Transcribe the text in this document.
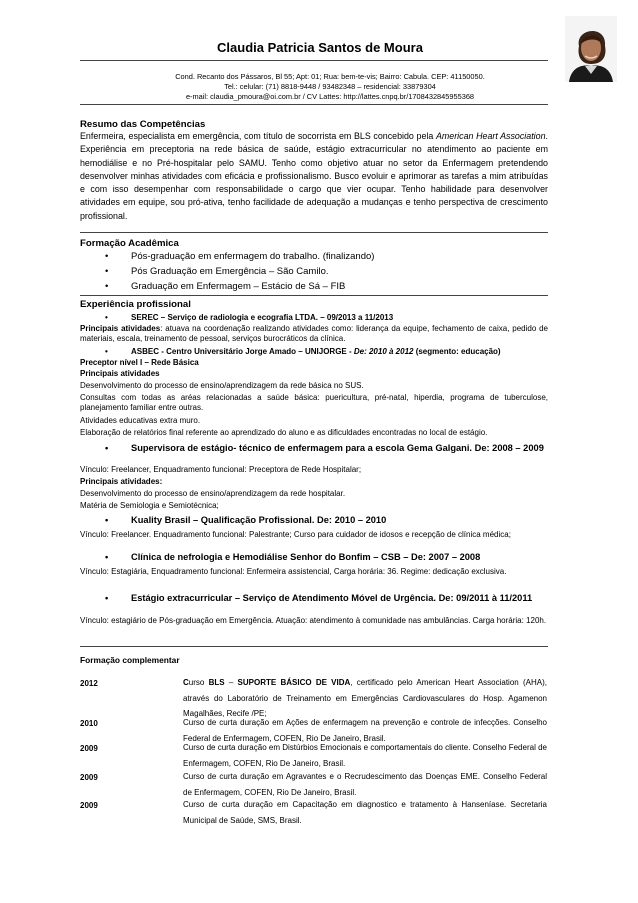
Claudia Patricia Santos de Moura
Cond. Recanto dos Pássaros, Bl 55; Apt: 01; Rua: bem-te-vis; Bairro: Cabula. CEP: 41150050.
Tel.: celular: (71) 8818-9448 / 93482348 – residencial: 33879304
e-mail: claudia_pmoura@oi.com.br / CV Lattes: http://lattes.cnpq.br/1708432845955368
Resumo das Competências
Enfermeira, especialista em emergência, com título de socorrista em BLS concebido pela American Heart Association. Experiência em preceptoria na rede básica de saúde, estágio extracurricular no atendimento ao paciente em hemodiálise e no Pré-hospitalar pelo SAMU. Tenho como objetivo atuar no setor da Enfermagem pretendendo desenvolver minhas atividades com eficácia e profissionalismo. Busco evoluir e aprimorar as tarefas a mim atribuídas e com isso desempenhar com responsabilidade o cargo que vier ocupar. Tenho habilidade para desenvolver atividades em equipe, sou pró-ativa, tenho facilidade de adequação a mudanças e tenho perspectiva de crescimento profissional.
Formação Acadêmica
• Pós-graduação em enfermagem do trabalho. (finalizando)
• Pós Graduação em Emergência – São Camilo.
• Graduação em Enfermagem – Estácio de Sá – FIB
Experiência profissional
•	SEREC – Serviço de radiologia e ecografia LTDA. – 09/2013 a 11/2013
Principais atividades: atuava na coordenação realizando atividades como: liderança da equipe, fechamento de caixa, pedido de materiais, escala, treinamento de pessoal, serviços burocráticos da clínica.
•	ASBEC - Centro Universitário Jorge Amado – UNIJORGE - De: 2010 à 2012 (segmento: educação)
Preceptor nível I – Rede Básica
Principais atividades
Desenvolvimento do processo de ensino/aprendizagem da rede básica no SUS.
Consultas com todas as aréas relacionadas a saúde básica: puericultura, pré-natal, hiperdia, programa de tuberculose, planejamento familiar entre outras.
Atividades educativas extra muro.
Elaboração de relatórios final referente ao aprendizado do aluno e as dificuldades encontradas no local de estágio.
• Supervisora de estágio- técnico de enfermagem para a escola Gema Galgani. De: 2008 – 2009
Vínculo: Freelancer, Enquadramento funcional: Preceptora de Rede Hospitalar;
Principais atividades:
Desenvolvimento do processo de ensino/aprendizagem da rede hospitalar.
Matéria de Semiologia e Semiotécnica;
• Kuality Brasil – Qualificação Profissional. De: 2010 – 2010
Vínculo: Freelancer. Enquadramento funcional: Palestrante; Curso para cuidador de idosos e recepção de clínica médica;
• Clínica de nefrologia e Hemodiálise Senhor do Bonfim – CSB – De: 2007 – 2008
Vínculo: Estagiária, Enquadramento funcional: Enfermeira assistencial, Carga horária: 36. Regime: dedicação exclusiva.
• Estágio extracurricular – Serviço de Atendimento Móvel de Urgência. De: 09/2011 à 11/2011
Vínculo: estagiário de Pós-graduação em Emergência. Atuação: atendimento à comunidade nas ambulâncias. Carga horária: 120h.
Formação complementar
2012	Curso BLS – SUPORTE BÁSICO DE VIDA, certificado pelo American Heart Association (AHA), através do Laboratório de Treinamento em Emergências Cardiovasculares do Hosp. Agamenon Magalhães, Recife /PE;
2010	Curso de curta duração em Ações de enfermagem na prevenção e controle de infecções. Conselho Federal de Enfermagem, COFEN, Rio De Janeiro, Brasil.
2009	Curso de curta duração em Distúrbios Emocionais e comportamentais do cliente. Conselho Federal de Enfermagem, COFEN, Rio De Janeiro, Brasil.
2009	Curso de curta duração em Agravantes e o Recrudescimento das Doenças EME. Conselho Federal de Enfermagem, COFEN, Rio De Janeiro, Brasil.
2009	Curso de curta duração em Capacitação em diagnostico e tratamento à Hanseníase. Secretaria Municipal de Saúde, SMS, Brasil.
